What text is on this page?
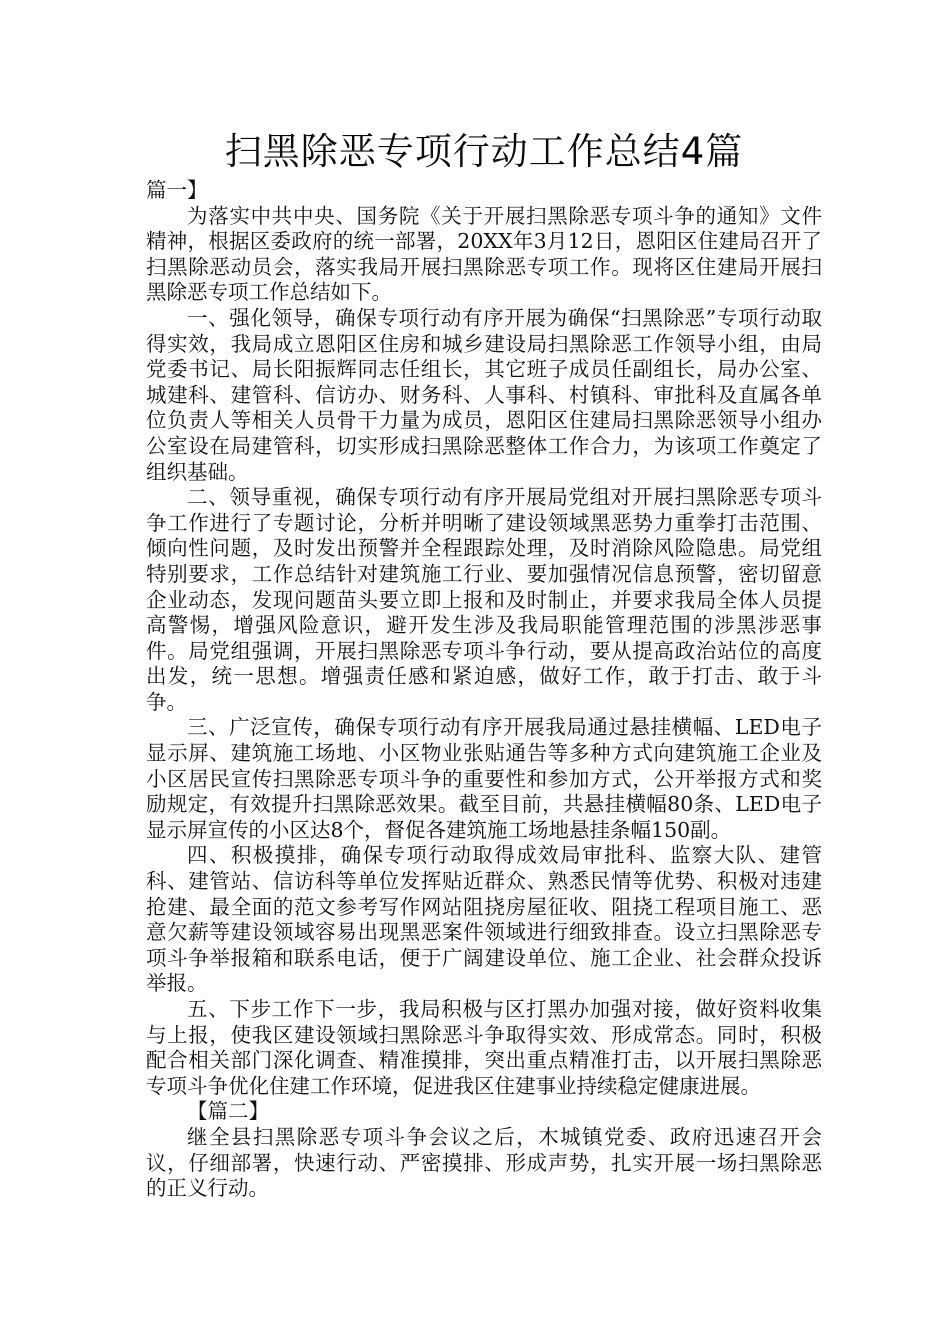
扫黑除恶专项行动工作总结4篇

篇一】

为落实中共中央、国务院《关于开展扫黑除恶专项斗争的通知》文件精神，根据区委政府的统一部署，20XX年3月12日，恩阳区住建局召开了扫黑除恶动员会，落实我局开展扫黑除恶专项工作。现将区住建局开展扫黑除恶专项工作总结如下。

一、强化领导，确保专项行动有序开展为确保“扫黑除恶”专项行动取得实效，我局成立恩阳区住房和城乡建设局扫黑除恶工作领导小组，由局党委书记、局长阳振辉同志任组长，其它班子成员任副组长，局办公室、城建科、建管科、信访办、财务科、人事科、村镇科、审批科及直属各单位负责人等相关人员骨干力量为成员，恩阳区住建局扫黑除恶领导小组办公室设在局建管科，切实形成扫黑除恶整体工作合力，为该项工作奠定了组织基础。

二、领导重视，确保专项行动有序开展局党组对开展扫黑除恶专项斗争工作进行了专题讨论，分析并明晰了建设领域黑恶势力重拳打击范围、倾向性问题，及时发出预警并全程跟踪处理，及时消除风险隐患。局党组特别要求，工作总结针对建筑施工行业、要加强情况信息预警，密切留意企业动态，发现问题苗头要立即上报和及时制止，并要求我局全体人员提高警惕，增强风险意识，避开发生涉及我局职能管理范围的涉黑涉恶事件。局党组强调，开展扫黑除恶专项斗争行动，要从提高政治站位的高度出发，统一思想。增强责任感和紧迫感，做好工作，敢于打击、敢于斗争。

三、广泛宣传，确保专项行动有序开展我局通过悬挂横幅、LED电子显示屏、建筑施工场地、小区物业张贴通告等多种方式向建筑施工企业及小区居民宣传扫黑除恶专项斗争的重要性和参加方式，公开举报方式和奖励规定，有效提升扫黑除恶效果。截至目前，共悬挂横幅80条、LED电子显示屏宣传的小区达8个，督促各建筑施工场地悬挂条幅150副。

四、积极摸排，确保专项行动取得成效局审批科、监察大队、建管科、建管站、信访科等单位发挥贴近群众、熟悉民情等优势、积极对违建抢建、最全面的范文参考写作网站阻挠房屋征收、阻挠工程项目施工、恶意欠薪等建设领域容易出现黑恶案件领域进行细致排查。设立扫黑除恶专项斗争举报箱和联系电话，便于广阔建设单位、施工企业、社会群众投诉举报。

五、下步工作下一步，我局积极与区打黑办加强对接，做好资料收集与上报，使我区建设领域扫黑除恶斗争取得实效、形成常态。同时，积极配合相关部门深化调查、精准摸排，突出重点精准打击，以开展扫黑除恶专项斗争优化住建工作环境，促进我区住建事业持续稳定健康进展。

【篇二】

继全县扫黑除恶专项斗争会议之后，木城镇党委、政府迅速召开会议，仔细部署，快速行动、严密摸排、形成声势，扎实开展一场扫黑除恶的正义行动。
